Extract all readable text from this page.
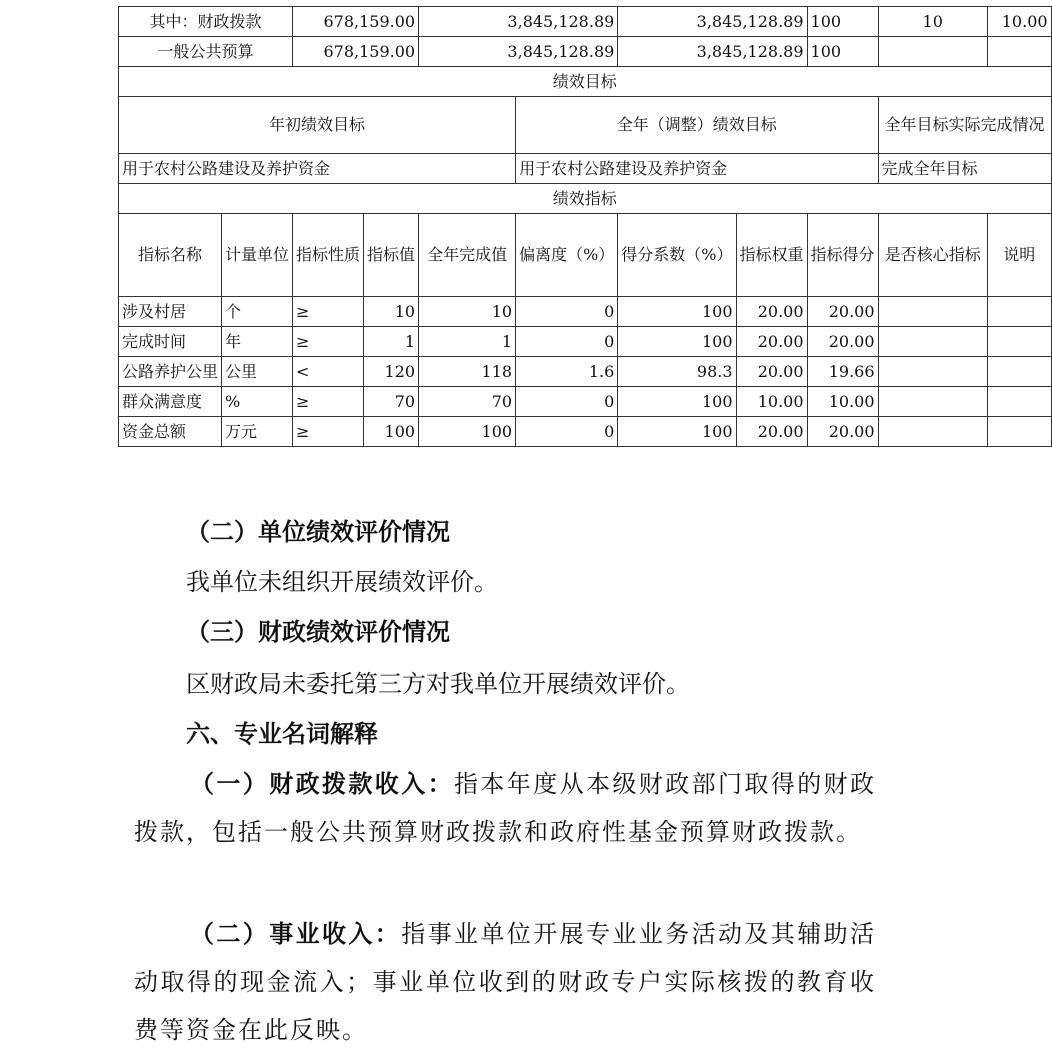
其中：财政拨款		678,159.00		3,845,128.89		3,845,128.89		100	10	10.00
一般公共预算		678,159.00		3,845,128.89		3,845,128.89		100		
绩效目标										
年初绩效目标					全年（调整）绩效目标				全年目标实际完成情况	
用于农村公路建设及养护资金					用于农村公路建设及养护资金				完成全年目标	
绩效指标										
指标名称	计量单位	指标性质	指标值	全年完成值	偏离度（%）	得分系数（%）	指标权重	指标得分	是否核心指标	说明
涉及村居	个	≥	10	10	0	100	20.00	20.00		
完成时间	年	≥	1	1	0	100	20.00	20.00		
公路养护公里	公里	<	120	118	1.6	98.3	20.00	19.66		
群众满意度	%	≥	70	70	0	100	10.00	10.00		
资金总额	万元	≥	100	100	0	100	20.00	20.00		
（二）单位绩效评价情况
我单位未组织开展绩效评价。
（三）财政绩效评价情况
区财政局未委托第三方对我单位开展绩效评价。
六、专业名词解释
（一）财政拨款收入：指本年度从本级财政部门取得的财政拨款，包括一般公共预算财政拨款和政府性基金预算财政拨款。
（二）事业收入：指事业单位开展专业业务活动及其辅助活动取得的现金流入；事业单位收到的财政专户实际核拨的教育收费等资金在此反映。
